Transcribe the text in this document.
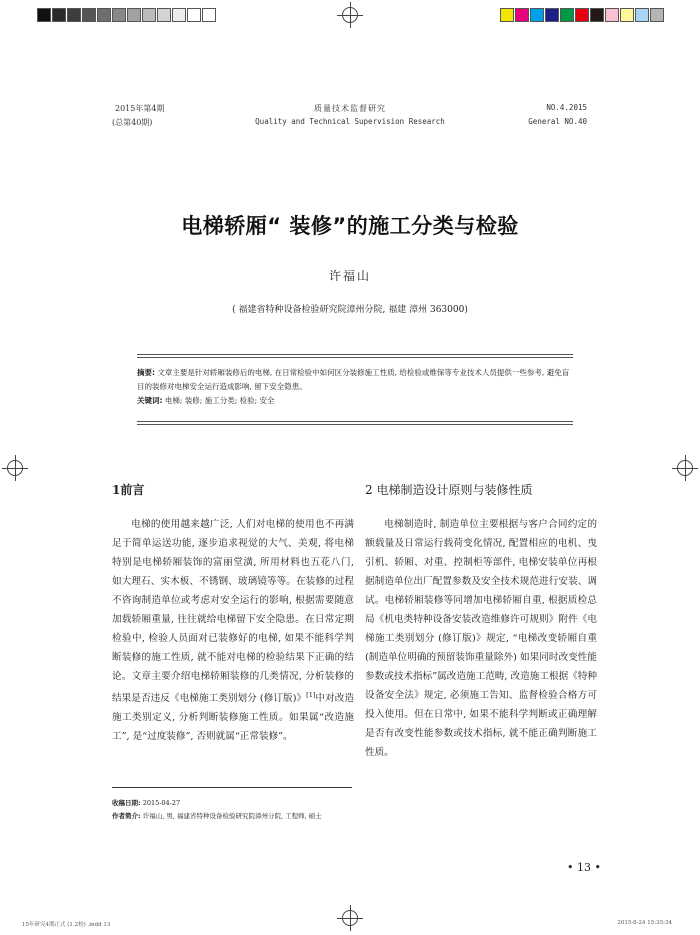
2015年第4期
(总第40期)
质量技术监督研究
Quality and Technical Supervision Research
NO.4.2015
General NO.40
电梯轿厢“ 装修”的施工分类与检验
许福山
( 福建省特种设备检验研究院漳州分院, 福建 漳州 363000)
摘要: 文章主要是针对轿厢装修后的电梯, 在日常检验中如何区分装修施工性质, 给检验或维保等专业技术人员提供一些参考, 避免盲目的装修对电梯安全运行造成影响, 留下安全隐患。
关键词: 电梯; 装修; 施工分类; 检验; 安全
1前言
电梯的使用越来越广泛, 人们对电梯的使用也不再满足于简单运送功能, 逐步追求视觉的大气、美观, 将电梯特别是电梯轿厢装饰的富丽堂潢, 所用材料也五花八门, 如大理石、实木板、不锈钢、玻璃镜等等。在装修的过程不咨询制造单位或考虑对安全运行的影响, 根据需要随意加载轿厢重量, 往往就给电梯留下安全隐患。在日常定期检验中, 检验人员面对已装修好的电梯, 如果不能科学判断装修的施工性质, 就不能对电梯的检验结果下正确的结论。文章主要介绍电梯轿厢装修的几类情况, 分析装修的结果是否违反《电梯施工类别划分 (修订版)》[1]中对改造施工类别定义, 分析判断装修施工性质。如果属“改造施工”, 是“过度装修”, 否则就属“正常装修”。
2 电梯制造设计原则与装修性质
电梯制造时, 制造单位主要根据与客户合同约定的额载量及日常运行载荷变化情况, 配置相应的电机、曳引机、轿厢、对重、控制柜等部件, 电梯安装单位再根据制造单位出厂配置参数及安全技术规范进行安装、调试。电梯轿厢装修等同增加电梯轿厢自重, 根据质检总局《机电类特种设备安装改造维修许可规则》附件《电梯施工类别划分 (修订版)》规定, “电梯改变轿厢自重 (制造单位明确的预留装饰重量除外) 如果同时改变性能参数或技术指标”属改造施工范畴, 改造施工根据《特种设备安全法》规定, 必须施工告知、监督检验合格方可投入使用。但在日常中, 如果不能科学判断或正确理解是否有改变性能参数或技术指标, 就不能正确判断施工性质。
收稿日期: 2015-04-27
作者简介: 许福山, 男, 福建省特种设备检验研究院漳州分院, 工程师, 硕士
• 13 •
15年研究4期正式 (1.2校) .indd 13	2015-8-24 15:35:34
